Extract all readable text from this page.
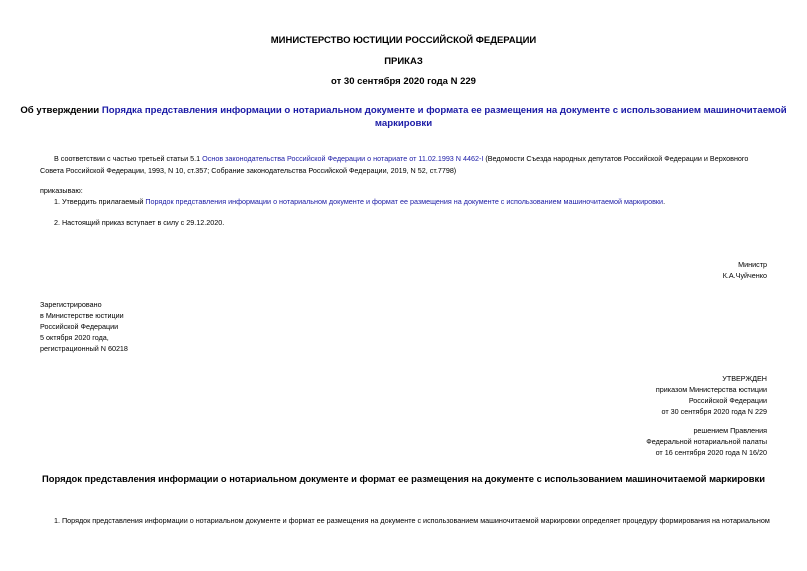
МИНИСТЕРСТВО ЮСТИЦИИ РОССИЙСКОЙ ФЕДЕРАЦИИ
ПРИКАЗ
от 30 сентября 2020 года N 229
Об утверждении Порядка представления информации о нотариальном документе и формата ее размещения на документе с использованием машиночитаемой
маркировки
В соответствии с частью третьей статьи 5.1 Основ законодательства Российской Федерации о нотариате от 11.02.1993 N 4462-I (Ведомости Съезда народных депутатов Российской Федерации и Верховного
Совета Российской Федерации, 1993, N 10, ст.357; Собрание законодательства Российской Федерации, 2019, N 52, ст.7798)
приказываю:
1. Утвердить прилагаемый Порядок представления информации о нотариальном документе и формат ее размещения на документе с использованием машиночитаемой маркировки.
2. Настоящий приказ вступает в силу с 29.12.2020.
Министр
К.А.Чуйченко
Зарегистрировано
в Министерстве юстиции
Российской Федерации
5 октября 2020 года,
регистрационный N 60218
УТВЕРЖДЕН
приказом Министерства юстиции
Российской Федерации
от 30 сентября 2020 года N 229
решением Правления
Федеральной нотариальной палаты
от 16 сентября 2020 года N 16/20
Порядок представления информации о нотариальном документе и формат ее размещения на документе с использованием машиночитаемой маркировки
1. Порядок представления информации о нотариальном документе и формат ее размещения на документе с использованием машиночитаемой маркировки определяет процедуру формирования на нотариальном
